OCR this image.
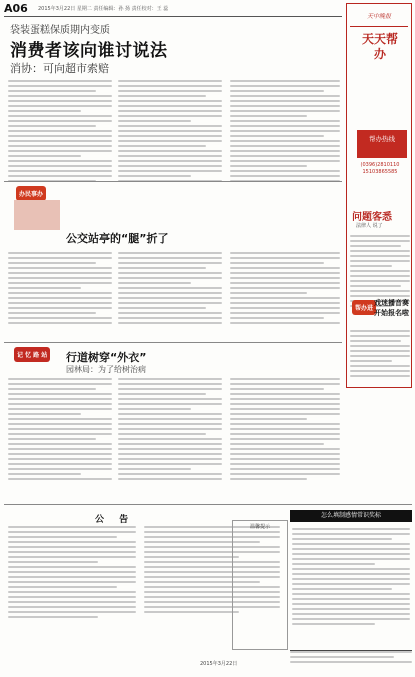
A06 2015年3月22日 星期二 责任编辑：孙 扬 责任校对：王 蕊
袋装蛋糕保质期内变质
消费者该向谁讨说法
消协：可向超市索赔
办民事办
公交站亭的“腿”折了
记 忆 路 站 行道树穿“外衣”
园林局：为了给树治病
公 告
2015年3月22日
温馨提示
怎么填制感情常识奖标
天中晚报
天天帮办
帮办热线
(0396)2810110
15103865585
问题客悉
法律人 说了
帮办进
戏迷播音赛开始报名啦
